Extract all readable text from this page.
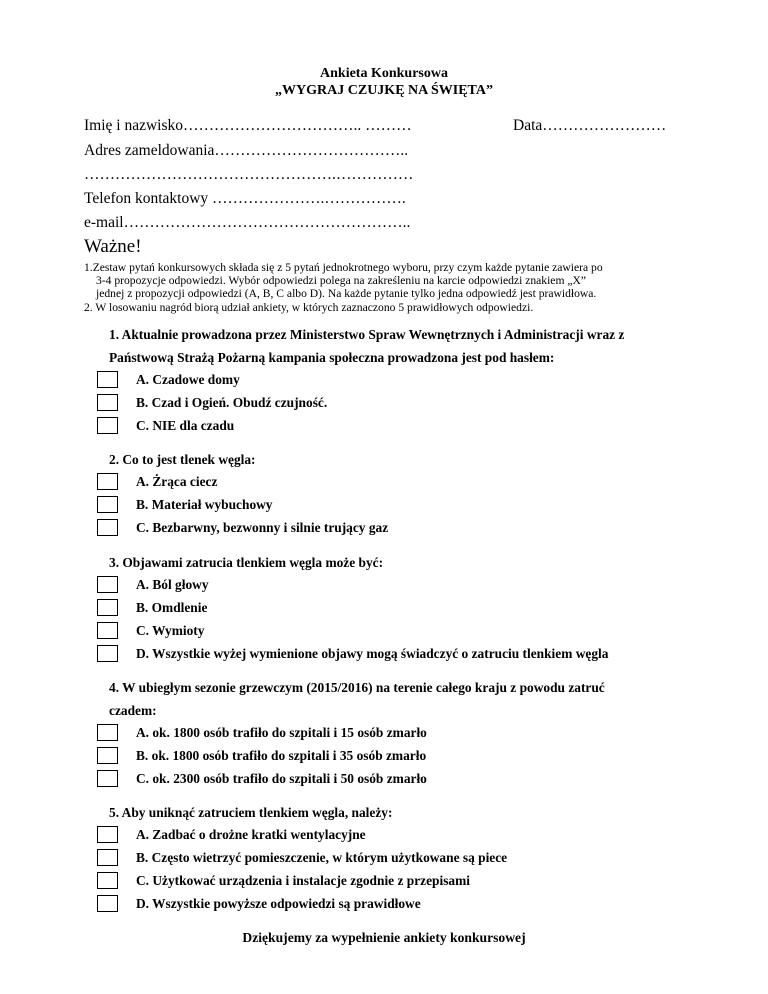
Ankieta Konkursowa
„WYGRAJ CZUJKĘ NA ŚWIĘTA”
Imię i nazwisko…………………………….. ………	Data……………………
Adres zameldowania………………………………..
………………………………………….……………
Telefon kontaktowy ………………….…………….
e-mail………………………………………………..
Ważne!
1.Zestaw pytań konkursowych składa się z 5 pytań jednokrotnego wyboru, przy czym każde pytanie zawiera po
3-4 propozycje odpowiedzi. Wybór odpowiedzi polega na zakreśleniu na karcie odpowiedzi znakiem „X”
jednej z propozycji odpowiedzi (A, B, C albo D). Na każde pytanie tylko jedna odpowiedź jest prawidłowa.
2. W losowaniu nagród biorą udział ankiety, w których zaznaczono 5 prawidłowych odpowiedzi.
1. Aktualnie prowadzona przez Ministerstwo Spraw Wewnętrznych i Administracji wraz z
Państwową Strażą Pożarną kampania społeczna prowadzona jest pod hasłem:
A. Czadowe domy
B. Czad i Ogień. Obudź czujność.
C. NIE dla czadu
2. Co to jest tlenek węgla:
A. Żrąca ciecz
B. Materiał wybuchowy
C. Bezbarwny, bezwonny i silnie trujący gaz
3. Objawami zatrucia tlenkiem węgla może być:
A. Ból głowy
B. Omdlenie
C. Wymioty
D. Wszystkie wyżej wymienione objawy mogą świadczyć o zatruciu tlenkiem węgla
4. W ubiegłym sezonie grzewczym (2015/2016) na terenie całego kraju z powodu zatruć
czadem:
A. ok. 1800 osób trafiło do szpitali i 15 osób zmarło
B. ok. 1800 osób trafiło do szpitali i 35 osób zmarło
C. ok. 2300 osób trafiło do szpitali i 50 osób zmarło
5. Aby uniknąć zatruciem tlenkiem węgla, należy:
A. Zadbać o drożne kratki wentylacyjne
B. Często wietrzyć pomieszczenie, w którym użytkowane są piece
C. Użytkować urządzenia i instalacje zgodnie z przepisami
D. Wszystkie powyższe odpowiedzi są prawidłowe
Dziękujemy za wypełnienie ankiety konkursowej
